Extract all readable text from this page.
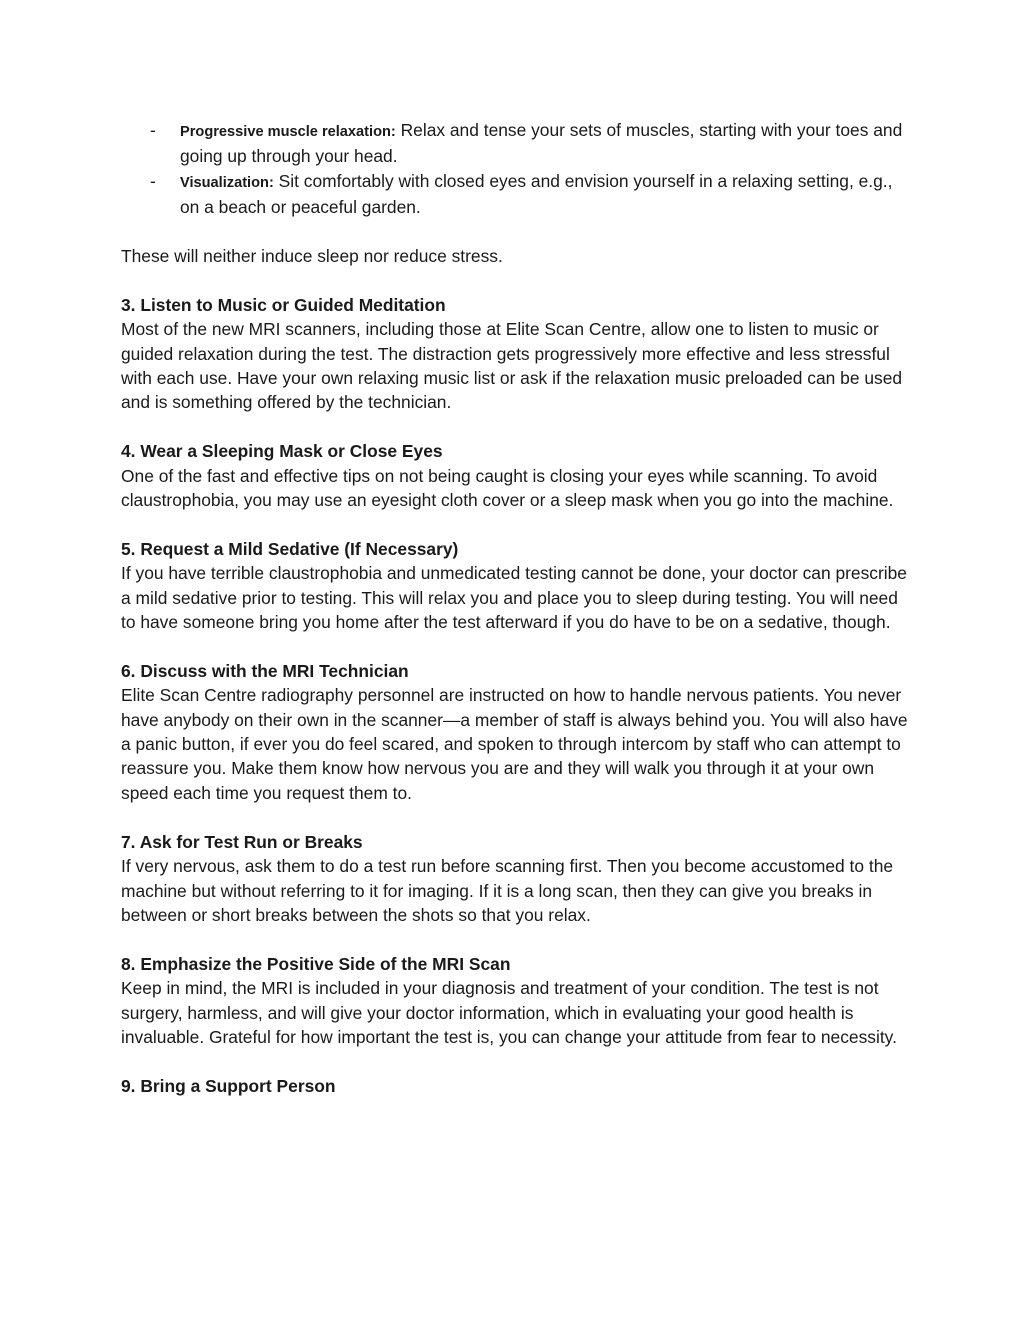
- Progressive muscle relaxation: Relax and tense your sets of muscles, starting with your toes and going up through your head.
- Visualization: Sit comfortably with closed eyes and envision yourself in a relaxing setting, e.g., on a beach or peaceful garden.

These will neither induce sleep nor reduce stress.

3. Listen to Music or Guided Meditation

Most of the new MRI scanners, including those at Elite Scan Centre, allow one to listen to music or guided relaxation during the test. The distraction gets progressively more effective and less stressful with each use. Have your own relaxing music list or ask if the relaxation music preloaded can be used and is something offered by the technician.

4. Wear a Sleeping Mask or Close Eyes

One of the fast and effective tips on not being caught is closing your eyes while scanning. To avoid claustrophobia, you may use an eyesight cloth cover or a sleep mask when you go into the machine.

5. Request a Mild Sedative (If Necessary)

If you have terrible claustrophobia and unmedicated testing cannot be done, your doctor can prescribe a mild sedative prior to testing. This will relax you and place you to sleep during testing. You will need to have someone bring you home after the test afterward if you do have to be on a sedative, though.

6. Discuss with the MRI Technician

Elite Scan Centre radiography personnel are instructed on how to handle nervous patients. You never have anybody on their own in the scanner—a member of staff is always behind you. You will also have a panic button, if ever you do feel scared, and spoken to through intercom by staff who can attempt to reassure you. Make them know how nervous you are and they will walk you through it at your own speed each time you request them to.

7. Ask for Test Run or Breaks

If very nervous, ask them to do a test run before scanning first. Then you become accustomed to the machine but without referring to it for imaging. If it is a long scan, then they can give you breaks in between or short breaks between the shots so that you relax.

8. Emphasize the Positive Side of the MRI Scan

Keep in mind, the MRI is included in your diagnosis and treatment of your condition. The test is not surgery, harmless, and will give your doctor information, which in evaluating your good health is invaluable. Grateful for how important the test is, you can change your attitude from fear to necessity.

9. Bring a Support Person
